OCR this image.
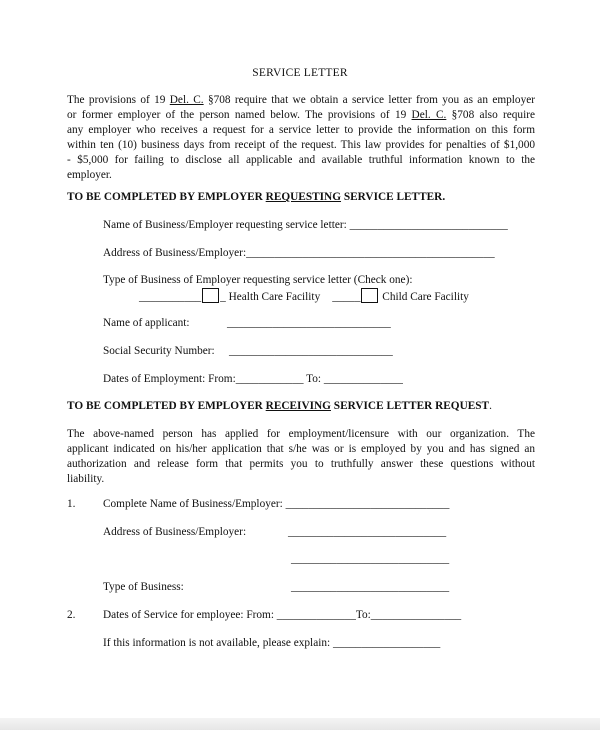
SERVICE LETTER
The provisions of 19 Del. C. §708 require that we obtain a service letter from you as an employer
or former employer of the person named below. The provisions of 19 Del. C. §708 also require
any employer who receives a request for a service letter to provide the information on this form
within ten (10) business days from receipt of the request. This law provides for penalties of $1,000
- $5,000 for failing to disclose all applicable and available truthful information known to the
employer.
TO BE COMPLETED BY EMPLOYER REQUESTING SERVICE LETTER.
Name of Business/Employer requesting service letter: ____________________________
Address of Business/Employer:____________________________________________
Type of Business of Employer requesting service letter (Check one):
___________ _ Health Care Facility _____ Child Care Facility
Name of applicant:	_____________________________
Social Security Number: _____________________________
Dates of Employment: From:____________ To: ______________
TO BE COMPLETED BY EMPLOYER RECEIVING SERVICE LETTER REQUEST.
The above-named person has applied for employment/licensure with our organization. The
applicant indicated on his/her application that s/he was or is employed by you and has signed an
authorization and release form that permits you to truthfully answer these questions without
liability.
1. Complete Name of Business/Employer: _____________________________
Address of Business/Employer:	____________________________
____________________________
Type of Business:	____________________________
2. Dates of Service for employee: From: ______________To:________________
If this information is not available, please explain: ___________________
